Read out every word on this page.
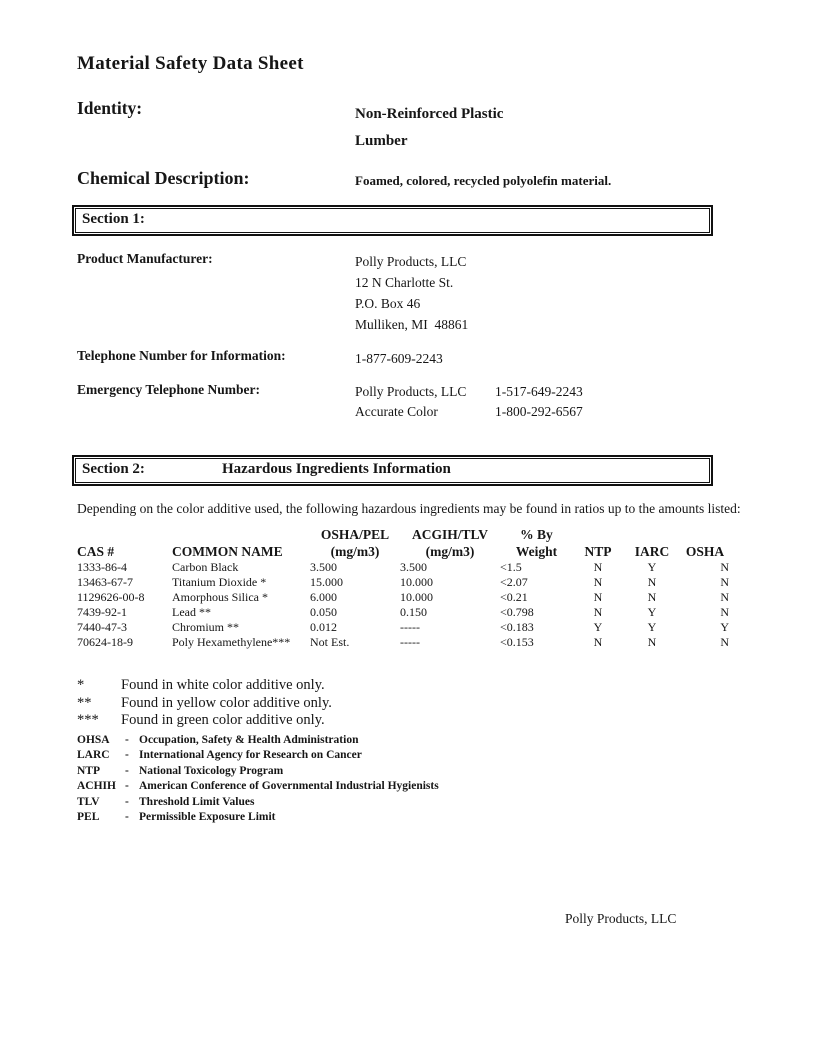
Material Safety Data Sheet
Identity:	Non-Reinforced Plastic
Lumber
Chemical Description:	Foamed, colored, recycled polyolefin material.
Section 1:
Product Manufacturer:	Polly Products, LLC
12 N Charlotte St.
P.O. Box 46
Mulliken, MI  48861
Telephone Number for Information:	1-877-609-2243
Emergency Telephone Number:	Polly Products, LLC	1-517-649-2243
Accurate Color	1-800-292-6567
Section 2:	Hazardous Ingredients Information
Depending on the color additive used, the following hazardous ingredients may be found in ratios up to the amounts listed:
		OSHA/PEL	ACGIH/TLV	% By			
CAS #	COMMON NAME	(mg/m3)	(mg/m3)	Weight	NTP	IARC	OSHA
1333-86-4	Carbon Black	3.500	3.500	<1.5	N	Y	N
13463-67-7	Titanium Dioxide *	15.000	10.000	<2.07	N	N	N
1129626-00-8	Amorphous Silica *	6.000	10.000	<0.21	N	N	N
7439-92-1	Lead **	0.050	0.150	<0.798	N	Y	N
7440-47-3	Chromium **	0.012	-----	<0.183	Y	Y	Y
70624-18-9	Poly Hexamethylene***	Not Est.	-----	<0.153	N	N	N
*	Found in white color additive only.
**	Found in yellow color additive only.
***	Found in green color additive only.
OHSA	- Occupation, Safety & Health Administration
LARC	- International Agency for Research on Cancer
NTP	- National Toxicology Program
ACHIH - American Conference of Governmental Industrial Hygienists
TLV	- Threshold Limit Values
PEL	- Permissible Exposure Limit
Polly Products, LLC
